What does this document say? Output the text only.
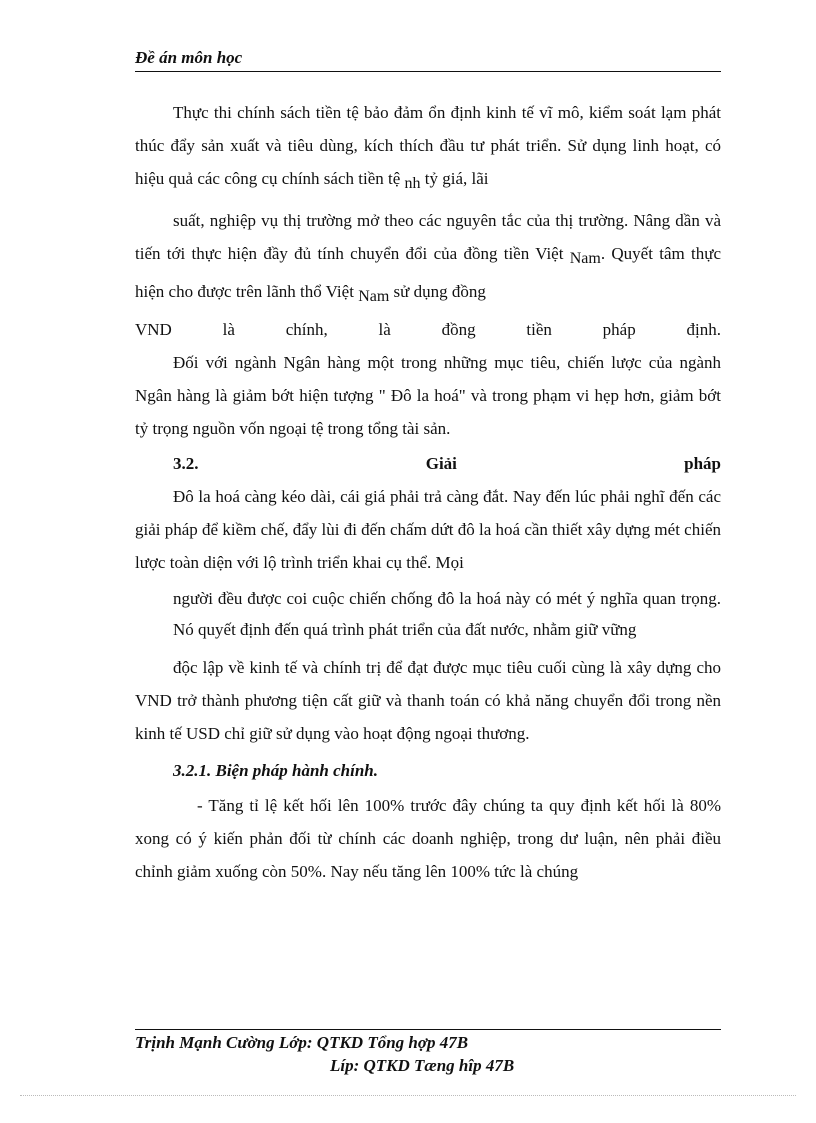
Đề án môn học

Thực thi chính sách tiền tệ bảo đảm ổn định kinh tế vĩ mô, kiểm soát lạm phát thúc đẩy sản xuất và tiêu dùng, kích thích đầu tư phát triển. Sử dụng linh hoạt, có hiệu quả các công cụ chính sách tiền tệ nh tỷ giá, lãi

suất, nghiệp vụ thị trường mở theo các nguyên tắc của thị trường. Nâng dần và tiến tới thực hiện đầy đủ tính chuyển đổi của đồng tiền Việt Nam. Quyết tâm thực hiện cho được trên lãnh thổ Việt Nam sử dụng đồng

VND là chính, là đồng tiền pháp định.

Đối với ngành Ngân hàng một trong những mục tiêu, chiến lược của ngành Ngân hàng là giảm bớt hiện tượng " Đô la hoá" và trong phạm vi hẹp hơn, giảm bớt tỷ trọng nguồn vốn ngoại tệ trong tổng tài sản.

3.2.	Giải	pháp

Đô la hoá càng kéo dài, cái giá phải trả càng đắt. Nay đến lúc phải nghĩ đến các giải pháp để kiềm chế, đẩy lùi đi đến chấm dứt đô la hoá cần thiết xây dựng mét chiến lược toàn diện với lộ trình triển khai cụ thể. Mọi

người đều được coi cuộc chiến chống đô la hoá này có mét ý nghĩa quan trọng. Nó quyết định đến quá trình phát triển của đất nước, nhằm giữ vững

độc lập về kinh tế và chính trị để đạt được mục tiêu cuối cùng là xây dựng cho VND trở thành phương tiện cất giữ và thanh toán có khả năng chuyển đổi trong nền kinh tế USD chỉ giữ sử dụng vào hoạt động ngoại thương.

3.2.1. Biện pháp hành chính.

- Tăng tỉ lệ kết hối lên 100% trước đây chúng ta quy định kết hối là 80% xong có ý kiến phản đối từ chính các doanh nghiệp, trong dư luận, nên phải điều chỉnh giảm xuống còn 50%. Nay nếu tăng lên 100% tức là chúng

Trịnh Mạnh Cường Lớp: QTKD Tổng hợp 47B
Líp: QTKD Tæng hîp 47B
